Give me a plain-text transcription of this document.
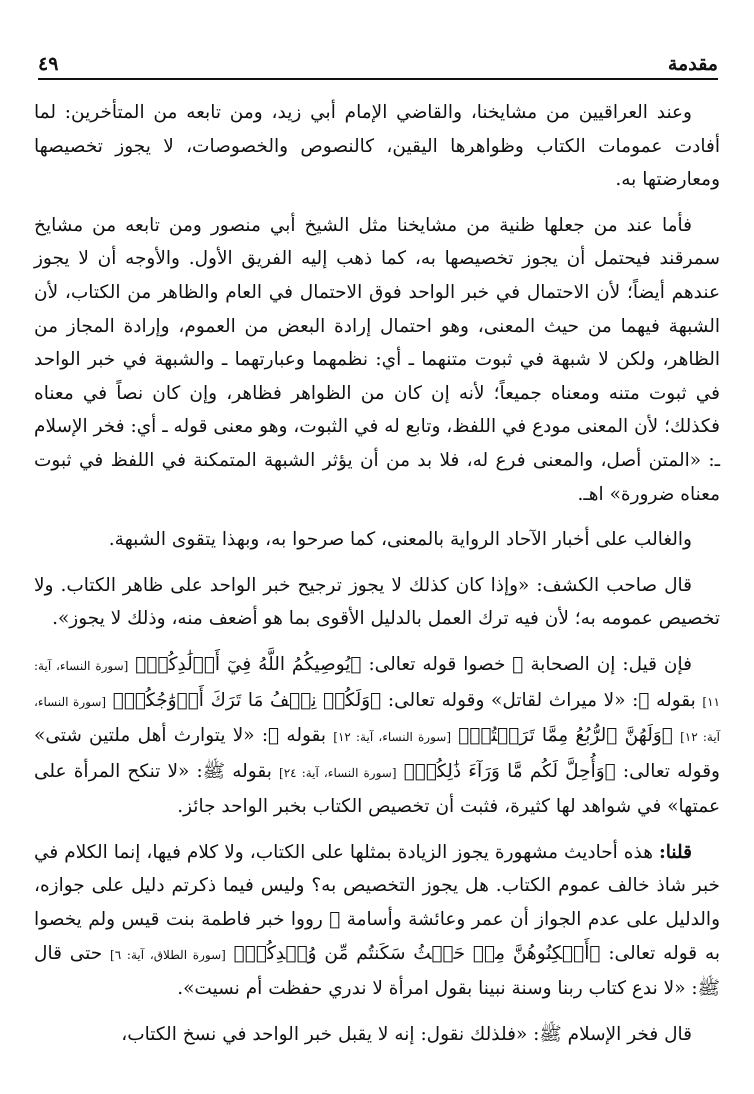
مقدمة
٤٩

وعند العراقيين من مشايخنا، والقاضي الإمام أبي زيد، ومن تابعه من المتأخرين: لما أفادت عمومات الكتاب وظواهرها اليقين، كالنصوص والخصوصات، لا يجوز تخصيصها ومعارضتها به.

فأما عند من جعلها ظنية من مشايخنا مثل الشيخ أبي منصور ومن تابعه من مشايخ سمرقند فيحتمل أن يجوز تخصيصها به، كما ذهب إليه الفريق الأول. والأوجه أن لا يجوز عندهم أيضاً؛ لأن الاحتمال في خبر الواحد فوق الاحتمال في العام والظاهر من الكتاب، لأن الشبهة فيهما من حيث المعنى، وهو احتمال إرادة البعض من العموم، وإرادة المجاز من الظاهر، ولكن لا شبهة في ثبوت متنهما ـ أي: نظمهما وعبارتهما ـ والشبهة في خبر الواحد في ثبوت متنه ومعناه جميعاً؛ لأنه إن كان من الظواهر فظاهر، وإن كان نصاً في معناه فكذلك؛ لأن المعنى مودع في اللفظ، وتابع له في الثبوت، وهو معنى قوله ـ أي: فخر الإسلام ـ: «المتن أصل، والمعنى فرع له، فلا بد من أن يؤثر الشبهة المتمكنة في اللفظ في ثبوت معناه ضرورة» اهـ.

والغالب على أخبار الآحاد الرواية بالمعنى، كما صرحوا به، وبهذا يتقوى الشبهة.

قال صاحب الكشف: «وإذا كان كذلك لا يجوز ترجيح خبر الواحد على ظاهر الكتاب. ولا تخصيص عمومه به؛ لأن فيه ترك العمل بالدليل الأقوى بما هو أضعف منه، وذلك لا يجوز».

فإن قيل: إن الصحابة ﷺ خصوا قوله تعالى: ﴿يُوصِيكُمُ اللَّهُ فِيٓ أَوۡلَٰدِكُمۡ﴾ [سورة النساء، آية: ١١] بقوله ﷺ: «لا ميراث لقاتل» وقوله تعالى: ﴿وَلَكُمۡ نِصۡفُ مَا تَرَكَ أَزۡوَٰجُكُمۡ﴾ [سورة النساء، آية: ١٢] ﴿وَلَهُنَّ ٱلرُّبُعُ مِمَّا تَرَكۡتُمۡ﴾ [سورة النساء، آية: ١٢] بقوله ﷺ: «لا يتوارث أهل ملتين شتى» وقوله تعالى: ﴿وَأُحِلَّ لَكُم مَّا وَرَآءَ ذَٰلِكُمۡ﴾ [سورة النساء، آية: ٢٤] بقوله ﷺ: «لا تنكح المرأة على عمتها» في شواهد لها كثيرة، فثبت أن تخصيص الكتاب بخبر الواحد جائز.

قلنا: هذه أحاديث مشهورة يجوز الزيادة بمثلها على الكتاب، ولا كلام فيها، إنما الكلام في خبر شاذ خالف عموم الكتاب. هل يجوز التخصيص به؟ وليس فيما ذكرتم دليل على جوازه، والدليل على عدم الجواز أن عمر وعائشة وأسامة ﷺ رووا خبر فاطمة بنت قيس ولم يخصوا به قوله تعالى: ﴿أَسۡكِنُوهُنَّ مِنۡ حَيۡثُ سَكَنتُم مِّن وُجۡدِكُمۡ﴾ [سورة الطلاق، آية: ٦] حتى قال ﷺ: «لا ندع كتاب ربنا وسنة نبينا بقول امرأة لا ندري حفظت أم نسيت».

قال فخر الإسلام ﷺ: «فلذلك نقول: إنه لا يقبل خبر الواحد في نسخ الكتاب،
